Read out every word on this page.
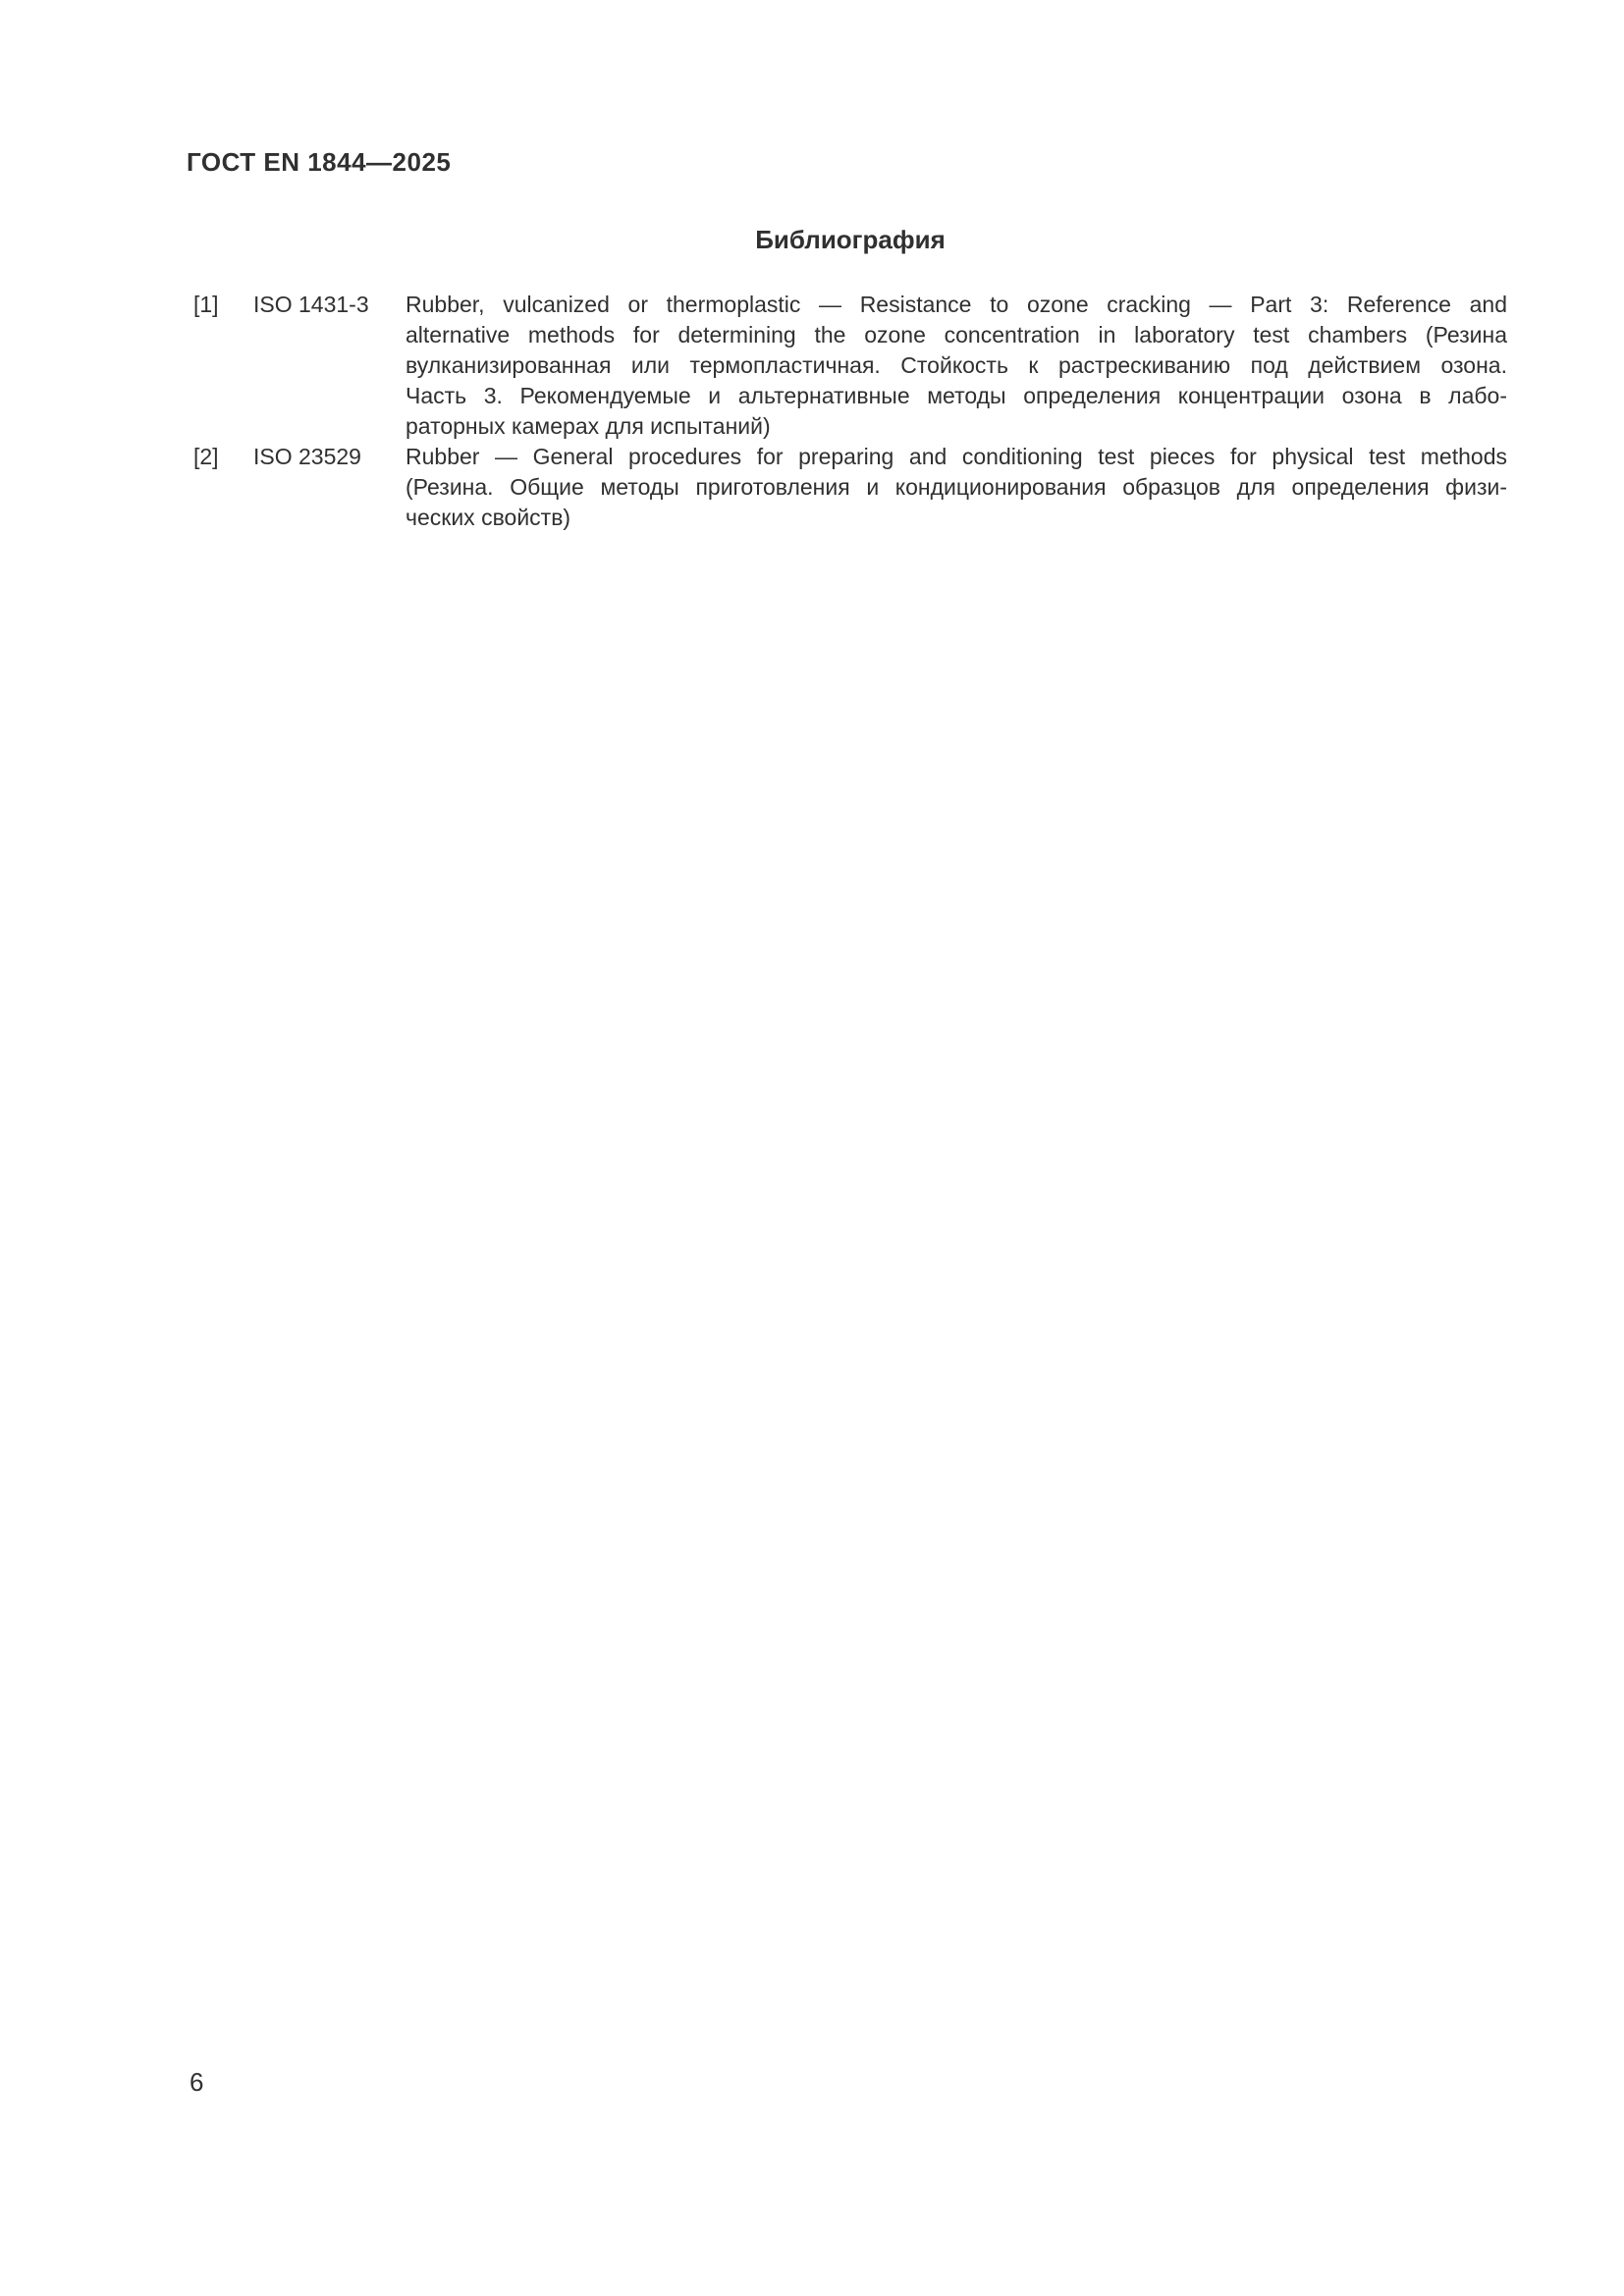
ГОСТ EN 1844—2025
Библиография
[1]	ISO 1431-3	Rubber, vulcanized or thermoplastic — Resistance to ozone cracking — Part 3: Reference and
alternative methods for determining the ozone concentration in laboratory test chambers (Резина
вулканизированная или термопластичная. Стойкость к растрескиванию под действием озона.
Часть 3. Рекомендуемые и альтернативные методы определения концентрации озона в лабо-
раторных камерах для испытаний)
[2]	ISO 23529	Rubber — General procedures for preparing and conditioning test pieces for physical test methods
(Резина. Общие методы приготовления и кондиционирования образцов для определения физи-
ческих свойств)
6
